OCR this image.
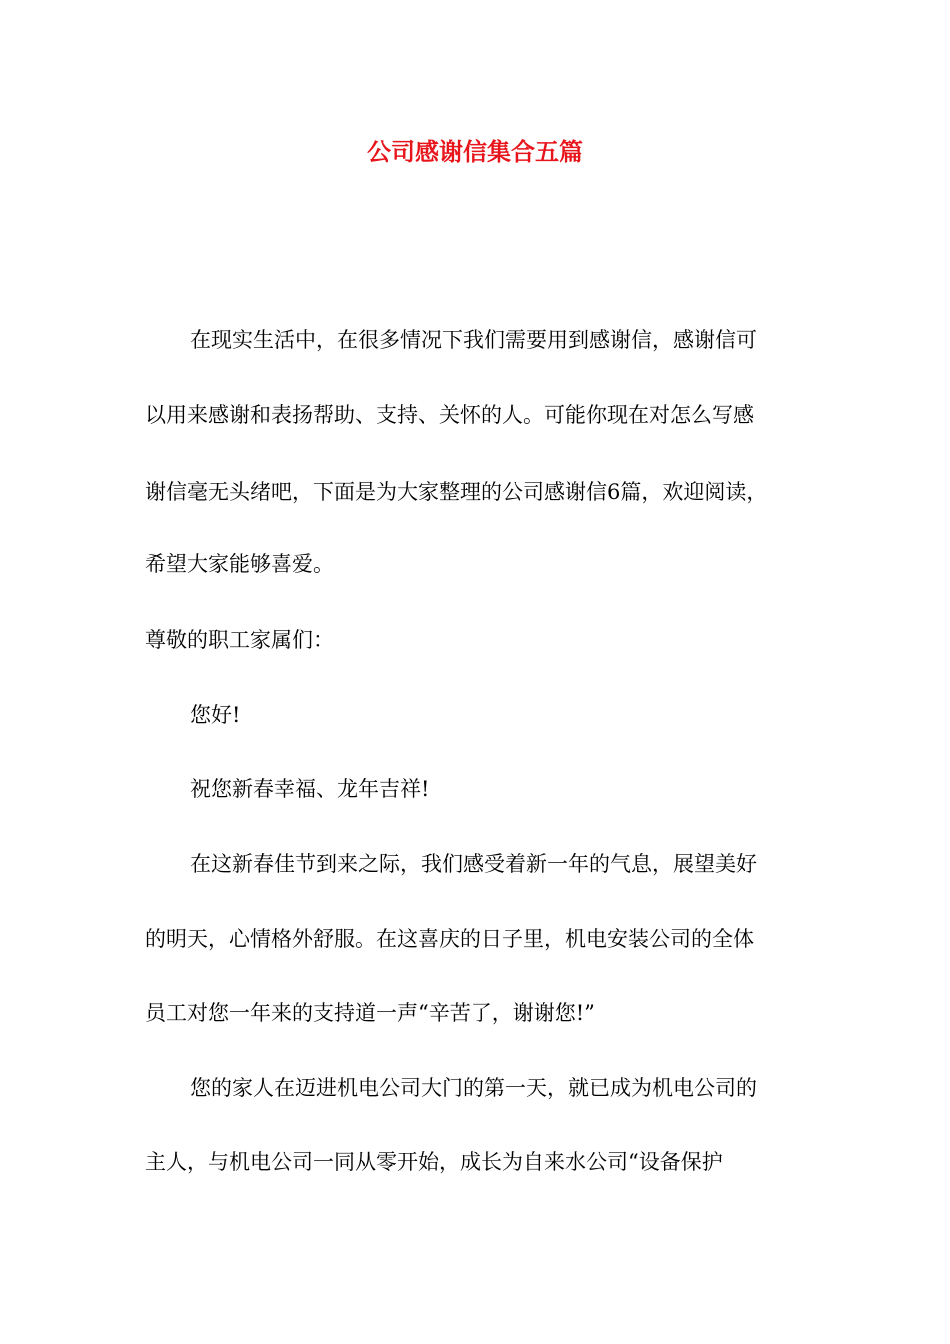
公司感谢信集合五篇

在现实生活中，在很多情况下我们需要用到感谢信，感谢信可

以用来感谢和表扬帮助、支持、关怀的人。可能你现在对怎么写感

谢信毫无头绪吧，下面是为大家整理的公司感谢信6篇，欢迎阅读，

希望大家能够喜爱。

尊敬的职工家属们：

您好!

祝您新春幸福、龙年吉祥!

在这新春佳节到来之际，我们感受着新一年的气息，展望美好

的明天，心情格外舒服。在这喜庆的日子里，机电安装公司的全体

员工对您一年来的支持道一声“辛苦了，谢谢您!”

您的家人在迈进机电公司大门的第一天，就已成为机电公司的

主人，与机电公司一同从零开始，成长为自来水公司“设备保护
